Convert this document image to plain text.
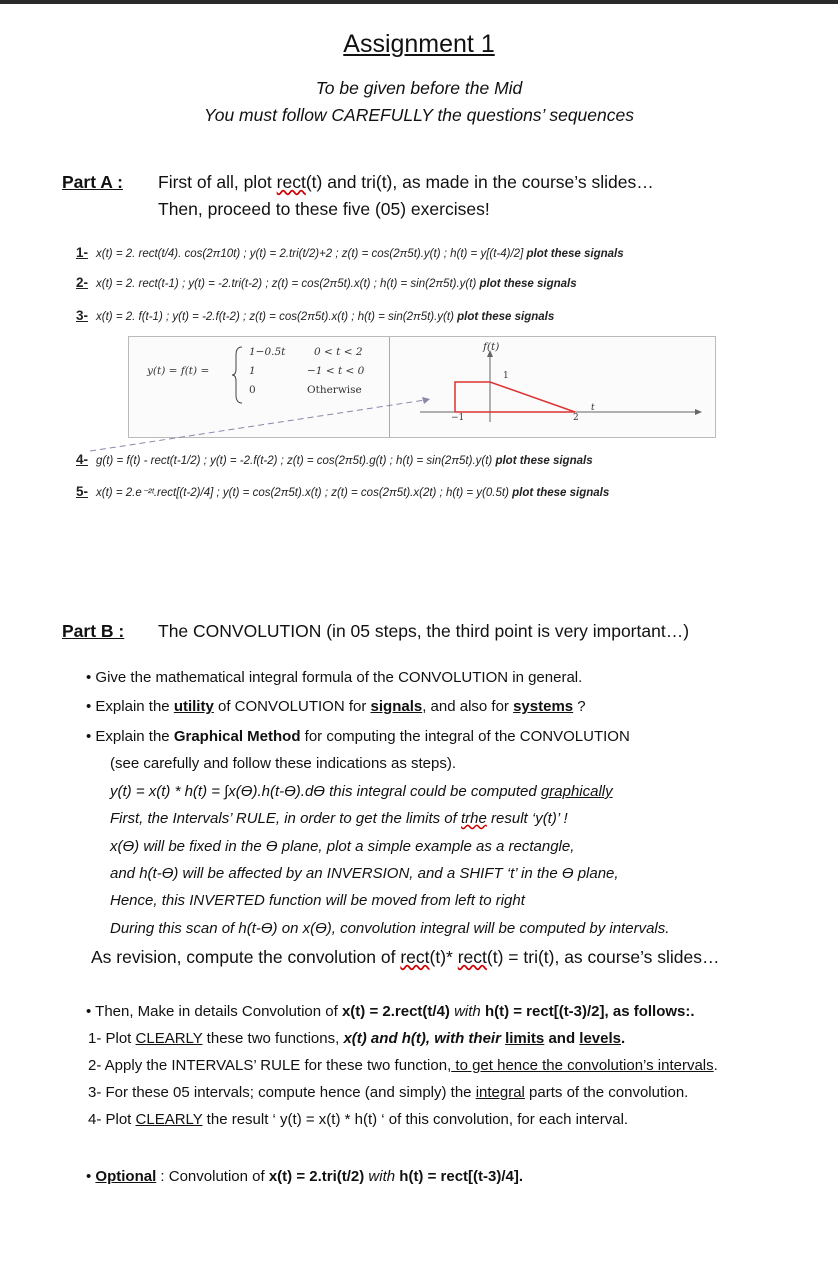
Assignment 1
To be given before the Mid
You must follow CAREFULLY the questions’ sequences
Part A : First of all, plot rect(t) and tri(t), as made in the course’s slides…
Then, proceed to these five (05) exercises!
1- x(t) = 2. rect(t/4). cos(2π10t) ; y(t) = 2.tri(t/2)+2 ; z(t) = cos(2π5t).y(t) ; h(t) = y[(t-4)/2] plot these signals
2- x(t) = 2. rect(t-1) ; y(t) = -2.tri(t-2) ; z(t) = cos(2π5t).x(t) ; h(t) = sin(2π5t).y(t) plot these signals
3- x(t) = 2. f(t-1) ; y(t) = -2.f(t-2) ; z(t) = cos(2π5t).x(t) ; h(t) = sin(2π5t).y(t) plot these signals
y(t) = f(t) =
1−0.5t	0 < t < 2
1	−1 < t < 0
0	Otherwise
f(t)
1
−1	2
t
4- g(t) = f(t) - rect(t-1/2) ; y(t) = -2.f(t-2) ; z(t) = cos(2π5t).g(t) ; h(t) = sin(2π5t).y(t) plot these signals
5- x(t) = 2.e⁻²ᵗ.rect[(t-2)/4] ; y(t) = cos(2π5t).x(t) ; z(t) = cos(2π5t).x(2t) ; h(t) = y(0.5t) plot these signals
Part B : The CONVOLUTION (in 05 steps, the third point is very important…)
• Give the mathematical integral formula of the CONVOLUTION in general.
• Explain the utility of CONVOLUTION for signals, and also for systems ?
• Explain the Graphical Method for computing the integral of the CONVOLUTION
(see carefully and follow these indications as steps).
y(t) = x(t) * h(t) = ∫x(ϴ).h(t-ϴ).dϴ this integral could be computed graphically
First, the Intervals’ RULE, in order to get the limits of trhe result ‘y(t)’ !
x(ϴ) will be fixed in the ϴ plane, plot a simple example as a rectangle,
and h(t-ϴ) will be affected by an INVERSION, and a SHIFT ‘t’ in the ϴ plane,
Hence, this INVERTED function will be moved from left to right
During this scan of h(t-ϴ) on x(ϴ), convolution integral will be computed by intervals.
As revision, compute the convolution of rect(t)* rect(t) = tri(t), as course’s slides…
• Then, Make in details Convolution of x(t) = 2.rect(t/4) with h(t) = rect[(t-3)/2], as follows:.
1- Plot CLEARLY these two functions, x(t) and h(t), with their limits and levels.
2- Apply the INTERVALS’ RULE for these two function, to get hence the convolution’s intervals.
3- For these 05 intervals; compute hence (and simply) the integral parts of the convolution.
4- Plot CLEARLY the result ‘ y(t) = x(t) * h(t) ‘ of this convolution, for each interval.
• Optional : Convolution of x(t) = 2.tri(t/2) with h(t) = rect[(t-3)/4].
